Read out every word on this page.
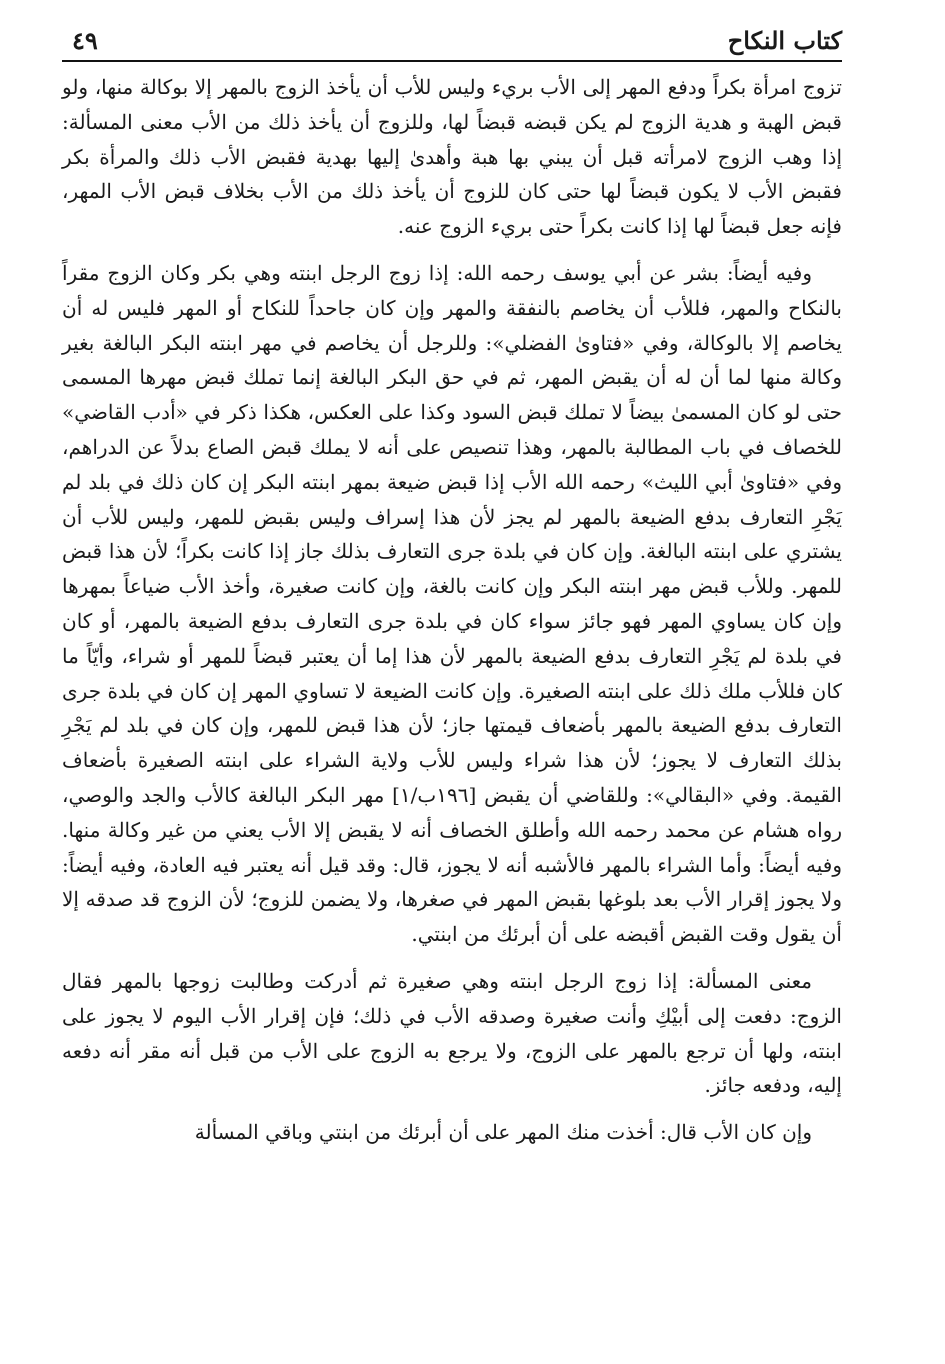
كتاب النكاح
٤٩

تزوج امرأة بكراً ودفع المهر إلى الأب بريء وليس للأب أن يأخذ الزوج بالمهر إلا بوكالة منها، ولو قبض الهبة و هدية الزوج لم يكن قبضه قبضاً لها، وللزوج أن يأخذ ذلك من الأب معنى المسألة: إذا وهب الزوج لامرأته قبل أن يبني بها هبة وأهدىٰ إليها بهدية فقبض الأب ذلك والمرأة بكر فقبض الأب لا يكون قبضاً لها حتى كان للزوج أن يأخذ ذلك من الأب بخلاف قبض الأب المهر، فإنه جعل قبضاً لها إذا كانت بكراً حتى بريء الزوج عنه.

وفيه أيضاً: بشر عن أبي يوسف رحمه الله: إذا زوج الرجل ابنته وهي بكر وكان الزوج مقراً بالنكاح والمهر، فللأب أن يخاصم بالنفقة والمهر وإن كان جاحداً للنكاح أو المهر فليس له أن يخاصم إلا بالوكالة، وفي «فتاوىٰ الفضلي»: وللرجل أن يخاصم في مهر ابنته البكر البالغة بغير وكالة منها لما أن له أن يقبض المهر، ثم في حق البكر البالغة إنما تملك قبض مهرها المسمى حتى لو كان المسمىٰ بيضاً لا تملك قبض السود وكذا على العكس، هكذا ذكر في «أدب القاضي» للخصاف في باب المطالبة بالمهر، وهذا تنصيص على أنه لا يملك قبض الصاع بدلاً عن الدراهم، وفي «فتاوىٰ أبي الليث» رحمه الله الأب إذا قبض ضيعة بمهر ابنته البكر إن كان ذلك في بلد لم يَجْرِ التعارف بدفع الضيعة بالمهر لم يجز لأن هذا إسراف وليس بقبض للمهر، وليس للأب أن يشتري على ابنته البالغة. وإن كان في بلدة جرى التعارف بذلك جاز إذا كانت بكراً؛ لأن هذا قبض للمهر. وللأب قبض مهر ابنته البكر وإن كانت بالغة، وإن كانت صغيرة، وأخذ الأب ضياعاً بمهرها وإن كان يساوي المهر فهو جائز سواء كان في بلدة جرى التعارف بدفع الضيعة بالمهر، أو كان في بلدة لم يَجْرِ التعارف بدفع الضيعة بالمهر لأن هذا إما أن يعتبر قبضاً للمهر أو شراء، وأيّاً ما كان فللأب ملك ذلك على ابنته الصغيرة. وإن كانت الضيعة لا تساوي المهر إن كان في بلدة جرى التعارف بدفع الضيعة بالمهر بأضعاف قيمتها جاز؛ لأن هذا قبض للمهر، وإن كان في بلد لم يَجْرِ بذلك التعارف لا يجوز؛ لأن هذا شراء وليس للأب ولاية الشراء على ابنته الصغيرة بأضعاف القيمة. وفي «البقالي»: وللقاضي أن يقبض [١٩٦ب/١] مهر البكر البالغة كالأب والجد والوصي، رواه هشام عن محمد رحمه الله وأطلق الخصاف أنه لا يقبض إلا الأب يعني من غير وكالة منها. وفيه أيضاً: وأما الشراء بالمهر فالأشبه أنه لا يجوز، قال: وقد قيل أنه يعتبر فيه العادة، وفيه أيضاً: ولا يجوز إقرار الأب بعد بلوغها بقبض المهر في صغرها، ولا يضمن للزوج؛ لأن الزوج قد صدقه إلا أن يقول وقت القبض أقبضه على أن أبرئك من ابنتي.

معنى المسألة: إذا زوج الرجل ابنته وهي صغيرة ثم أدركت وطالبت زوجها بالمهر فقال الزوج: دفعت إلى أبيْكِ وأنت صغيرة وصدقه الأب في ذلك؛ فإن إقرار الأب اليوم لا يجوز على ابنته، ولها أن ترجع بالمهر على الزوج، ولا يرجع به الزوج على الأب من قبل أنه مقر أنه دفعه إليه، ودفعه جائز.

وإن كان الأب قال: أخذت منك المهر على أن أبرئك من ابنتي وباقي المسألة
